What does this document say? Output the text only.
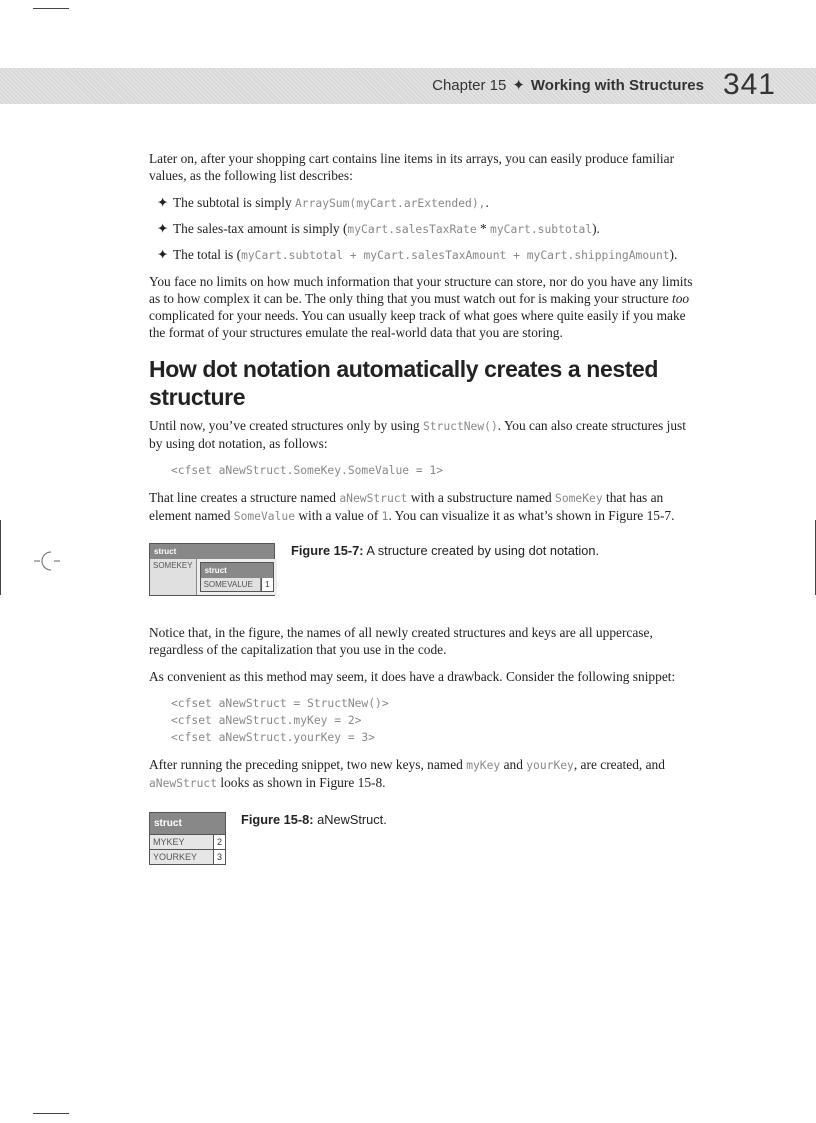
Chapter 15 ✦ Working with Structures 341

Later on, after your shopping cart contains line items in its arrays, you can easily produce familiar values, as the following list describes:

✦ The subtotal is simply ArraySum(myCart.arExtended),.
✦ The sales-tax amount is simply (myCart.salesTaxRate * myCart.subtotal).
✦ The total is (myCart.subtotal + myCart.salesTaxAmount + myCart.shippingAmount).

You face no limits on how much information that your structure can store, nor do you have any limits as to how complex it can be. The only thing that you must watch out for is making your structure too complicated for your needs. You can usually keep track of what goes where quite easily if you make the format of your structures emulate the real-world data that you are storing.

How dot notation automatically creates a nested structure

Until now, you’ve created structures only by using StructNew(). You can also create structures just by using dot notation, as follows:

<cfset aNewStruct.SomeKey.SomeValue = 1>

That line creates a structure named aNewStruct with a substructure named SomeKey that has an element named SomeValue with a value of 1. You can visualize it as what’s shown in Figure 15-7.

struct
SOMEKEY
struct
SOMEVALUE	1
Figure 15-7: A structure created by using dot notation.

Notice that, in the figure, the names of all newly created structures and keys are all uppercase, regardless of the capitalization that you use in the code.

As convenient as this method may seem, it does have a drawback. Consider the following snippet:

<cfset aNewStruct = StructNew()>
<cfset aNewStruct.myKey = 2>
<cfset aNewStruct.yourKey = 3>

After running the preceding snippet, two new keys, named myKey and yourKey, are created, and aNewStruct looks as shown in Figure 15-8.

struct
MYKEY	2
YOURKEY	3
Figure 15-8: aNewStruct.
